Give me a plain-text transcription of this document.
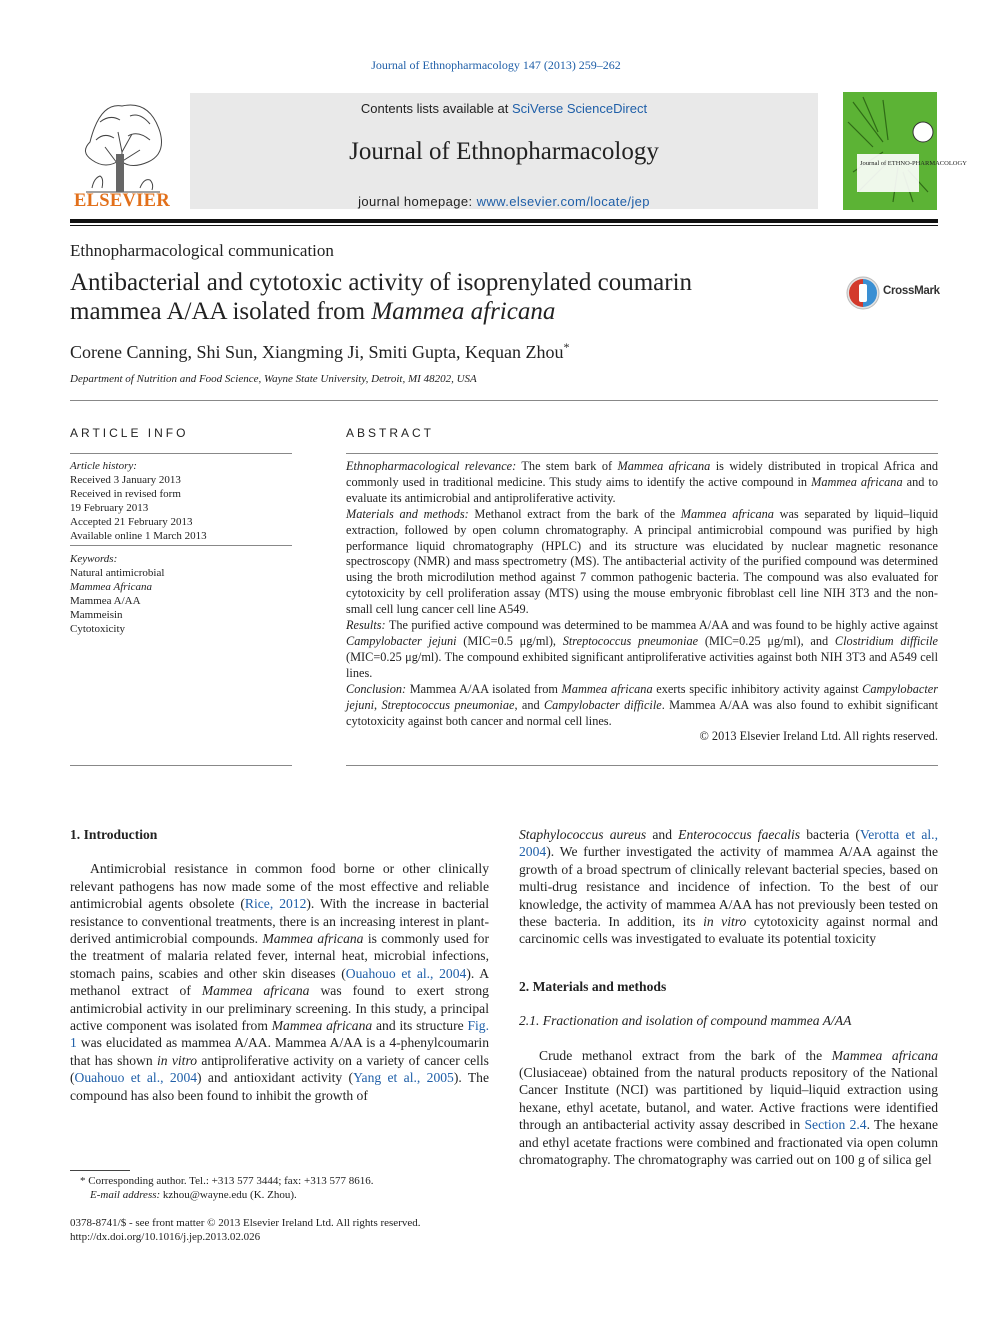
Journal of Ethnopharmacology 147 (2013) 259–262
ELSEVIER
Contents lists available at SciVerse ScienceDirect
Journal of Ethnopharmacology
journal homepage: www.elsevier.com/locate/jep
Journal of ETHNO-PHARMACOLOGY
Ethnopharmacological communication
Antibacterial and cytotoxic activity of isoprenylated coumarin
mammea A/AA isolated from Mammea africana
CrossMark
Corene Canning, Shi Sun, Xiangming Ji, Smiti Gupta, Kequan Zhou*
Department of Nutrition and Food Science, Wayne State University, Detroit, MI 48202, USA
ARTICLE INFO
Article history:
Received 3 January 2013
Received in revised form
19 February 2013
Accepted 21 February 2013
Available online 1 March 2013
Keywords:
Natural antimicrobial
Mammea Africana
Mammea A/AA
Mammeisin
Cytotoxicity
ABSTRACT

Ethnopharmacological relevance: The stem bark of Mammea africana is widely distributed in tropical Africa and commonly used in traditional medicine. This study aims to identify the active compound in Mammea africana and to evaluate its antimicrobial and antiproliferative activity.

Materials and methods: Methanol extract from the bark of the Mammea africana was separated by liquid–liquid extraction, followed by open column chromatography. A principal antimicrobial compound was purified by high performance liquid chromatography (HPLC) and its structure was elucidated by nuclear magnetic resonance spectroscopy (NMR) and mass spectrometry (MS). The antibacterial activity of the purified compound was determined using the broth microdilution method against 7 common pathogenic bacteria. The compound was also evaluated for cytotoxicity by cell proliferation assay (MTS) using the mouse embryonic fibroblast cell line NIH 3T3 and the non-small cell lung cancer cell line A549.

Results: The purified active compound was determined to be mammea A/AA and was found to be highly active against Campylobacter jejuni (MIC=0.5 μg/ml), Streptococcus pneumoniae (MIC=0.25 μg/ml), and Clostridium difficile (MIC=0.25 μg/ml). The compound exhibited significant antiproliferative activities against both NIH 3T3 and A549 cell lines.

Conclusion: Mammea A/AA isolated from Mammea africana exerts specific inhibitory activity against Campylobacter jejuni, Streptococcus pneumoniae, and Campylobacter difficile. Mammea A/AA was also found to exhibit significant cytotoxicity against both cancer and normal cell lines.

© 2013 Elsevier Ireland Ltd. All rights reserved.

1. Introduction

Antimicrobial resistance in common food borne or other clinically relevant pathogens has now made some of the most effective and reliable antimicrobial agents obsolete (Rice, 2012). With the increase in bacterial resistance to conventional treatments, there is an increasing interest in plant-derived antimicrobial compounds. Mammea africana is commonly used for the treatment of malaria related fever, internal heat, microbial infections, stomach pains, scabies and other skin diseases (Ouahouo et al., 2004). A methanol extract of Mammea africana was found to exert strong antimicrobial activity in our preliminary screening. In this study, a principal active component was isolated from Mammea africana and its structure Fig. 1 was elucidated as mammea A/AA. Mammea A/AA is a 4-phenylcoumarin that has shown in vitro antiproliferative activity on a variety of cancer cells (Ouahouo et al., 2004) and antioxidant activity (Yang et al., 2005). The compound has also been found to inhibit the growth of

Staphylococcus aureus and Enterococcus faecalis bacteria (Verotta et al., 2004). We further investigated the activity of mammea A/AA against the growth of a broad spectrum of clinically relevant bacterial species, based on multi-drug resistance and incidence of infection. To the best of our knowledge, the activity of mammea A/AA has not previously been tested on these bacteria. In addition, its in vitro cytotoxicity against normal and carcinomic cells was investigated to evaluate its potential toxicity

2. Materials and methods
2.1. Fractionation and isolation of compound mammea A/AA

Crude methanol extract from the bark of the Mammea africana (Clusiaceae) obtained from the natural products repository of the National Cancer Institute (NCI) was partitioned by liquid–liquid extraction using hexane, ethyl acetate, butanol, and water. Active fractions were identified through an antibacterial activity assay described in Section 2.4. The hexane and ethyl acetate fractions were combined and fractionated via open column chromatography. The chromatography was carried out on 100 g of silica gel

* Corresponding author. Tel.: +313 577 3444; fax: +313 577 8616.
E-mail address: kzhou@wayne.edu (K. Zhou).
0378-8741/$ - see front matter © 2013 Elsevier Ireland Ltd. All rights reserved.
http://dx.doi.org/10.1016/j.jep.2013.02.026
